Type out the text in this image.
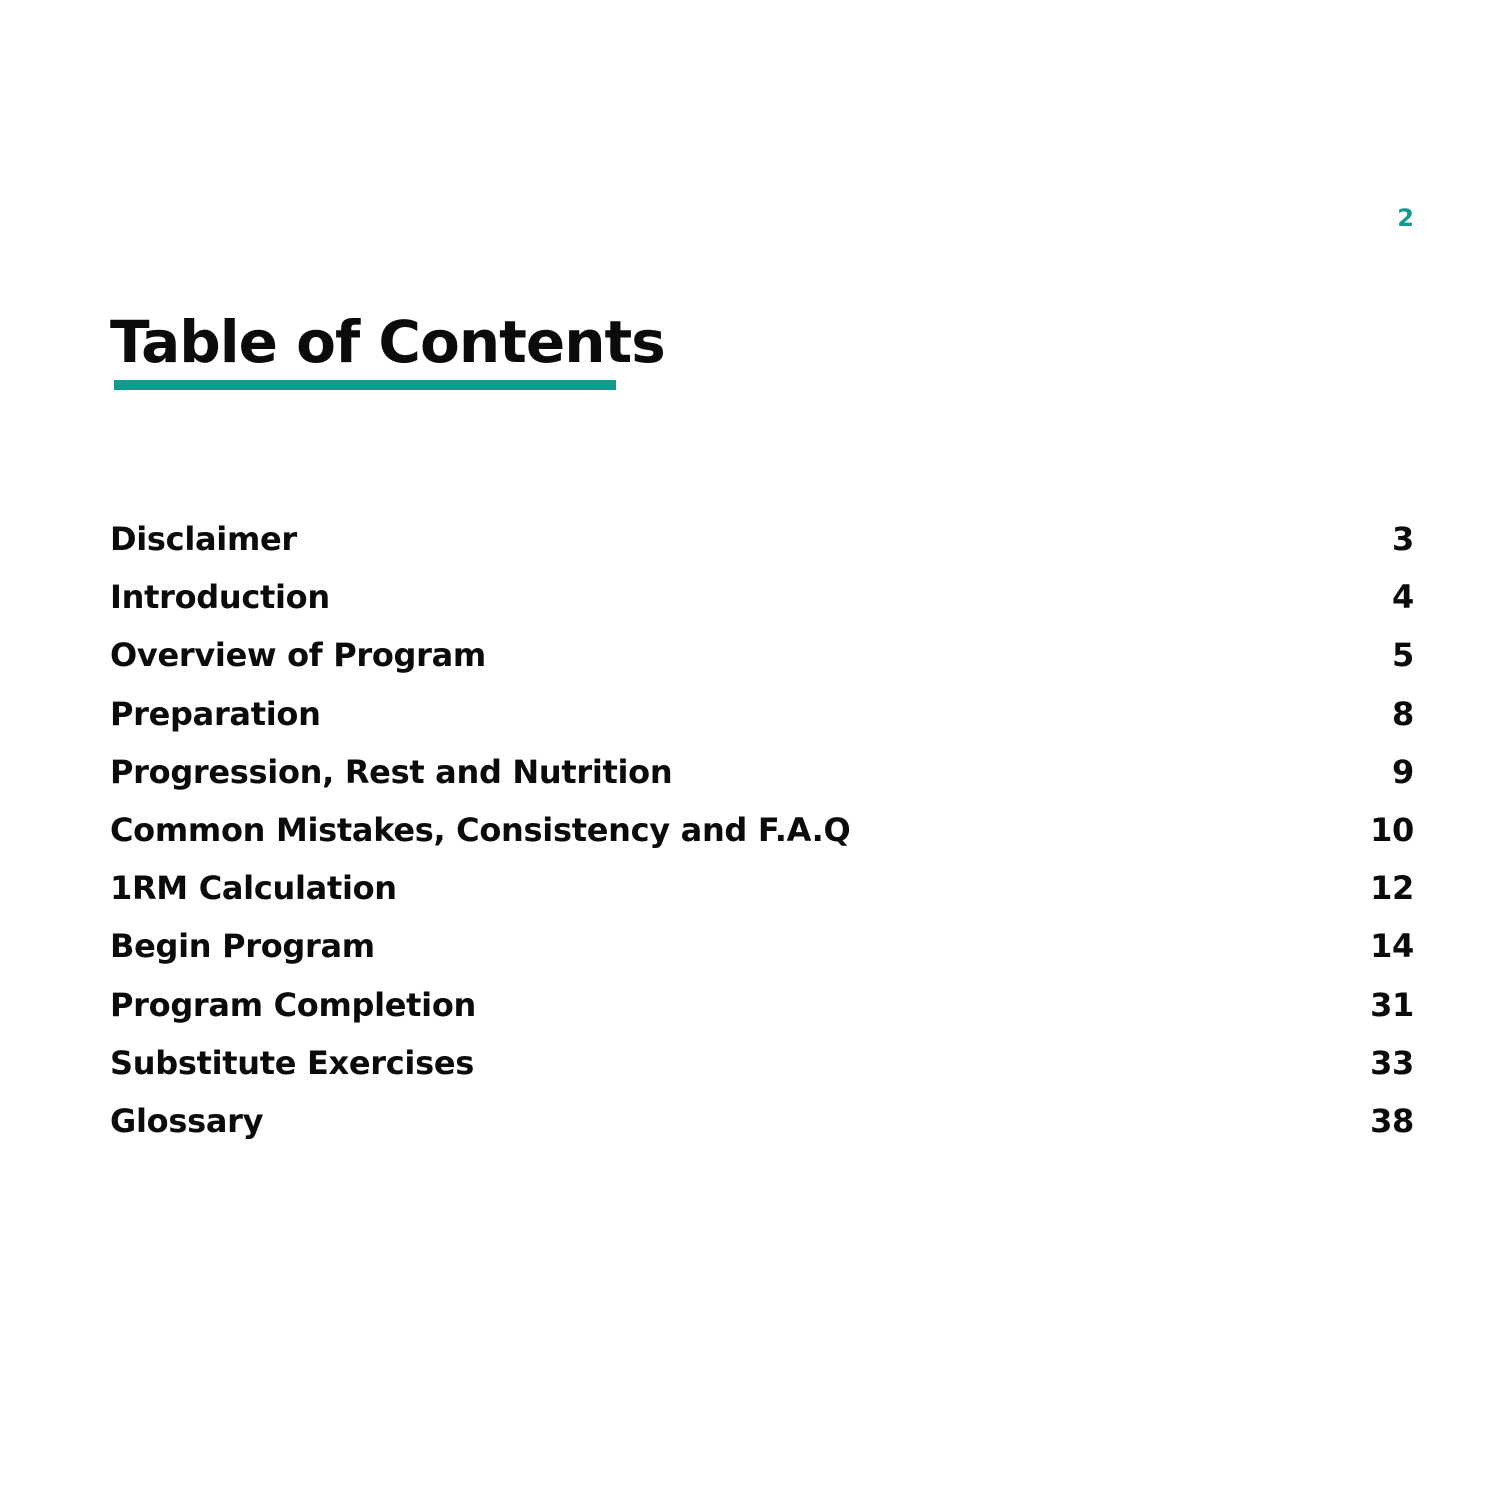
2

Table of Contents
Disclaimer	3
Introduction	4
Overview of Program	5
Preparation	8
Progression, Rest and Nutrition	9
Common Mistakes, Consistency and F.A.Q	10
1RM Calculation	12
Begin Program	14
Program Completion	31
Substitute Exercises	33
Glossary	38
